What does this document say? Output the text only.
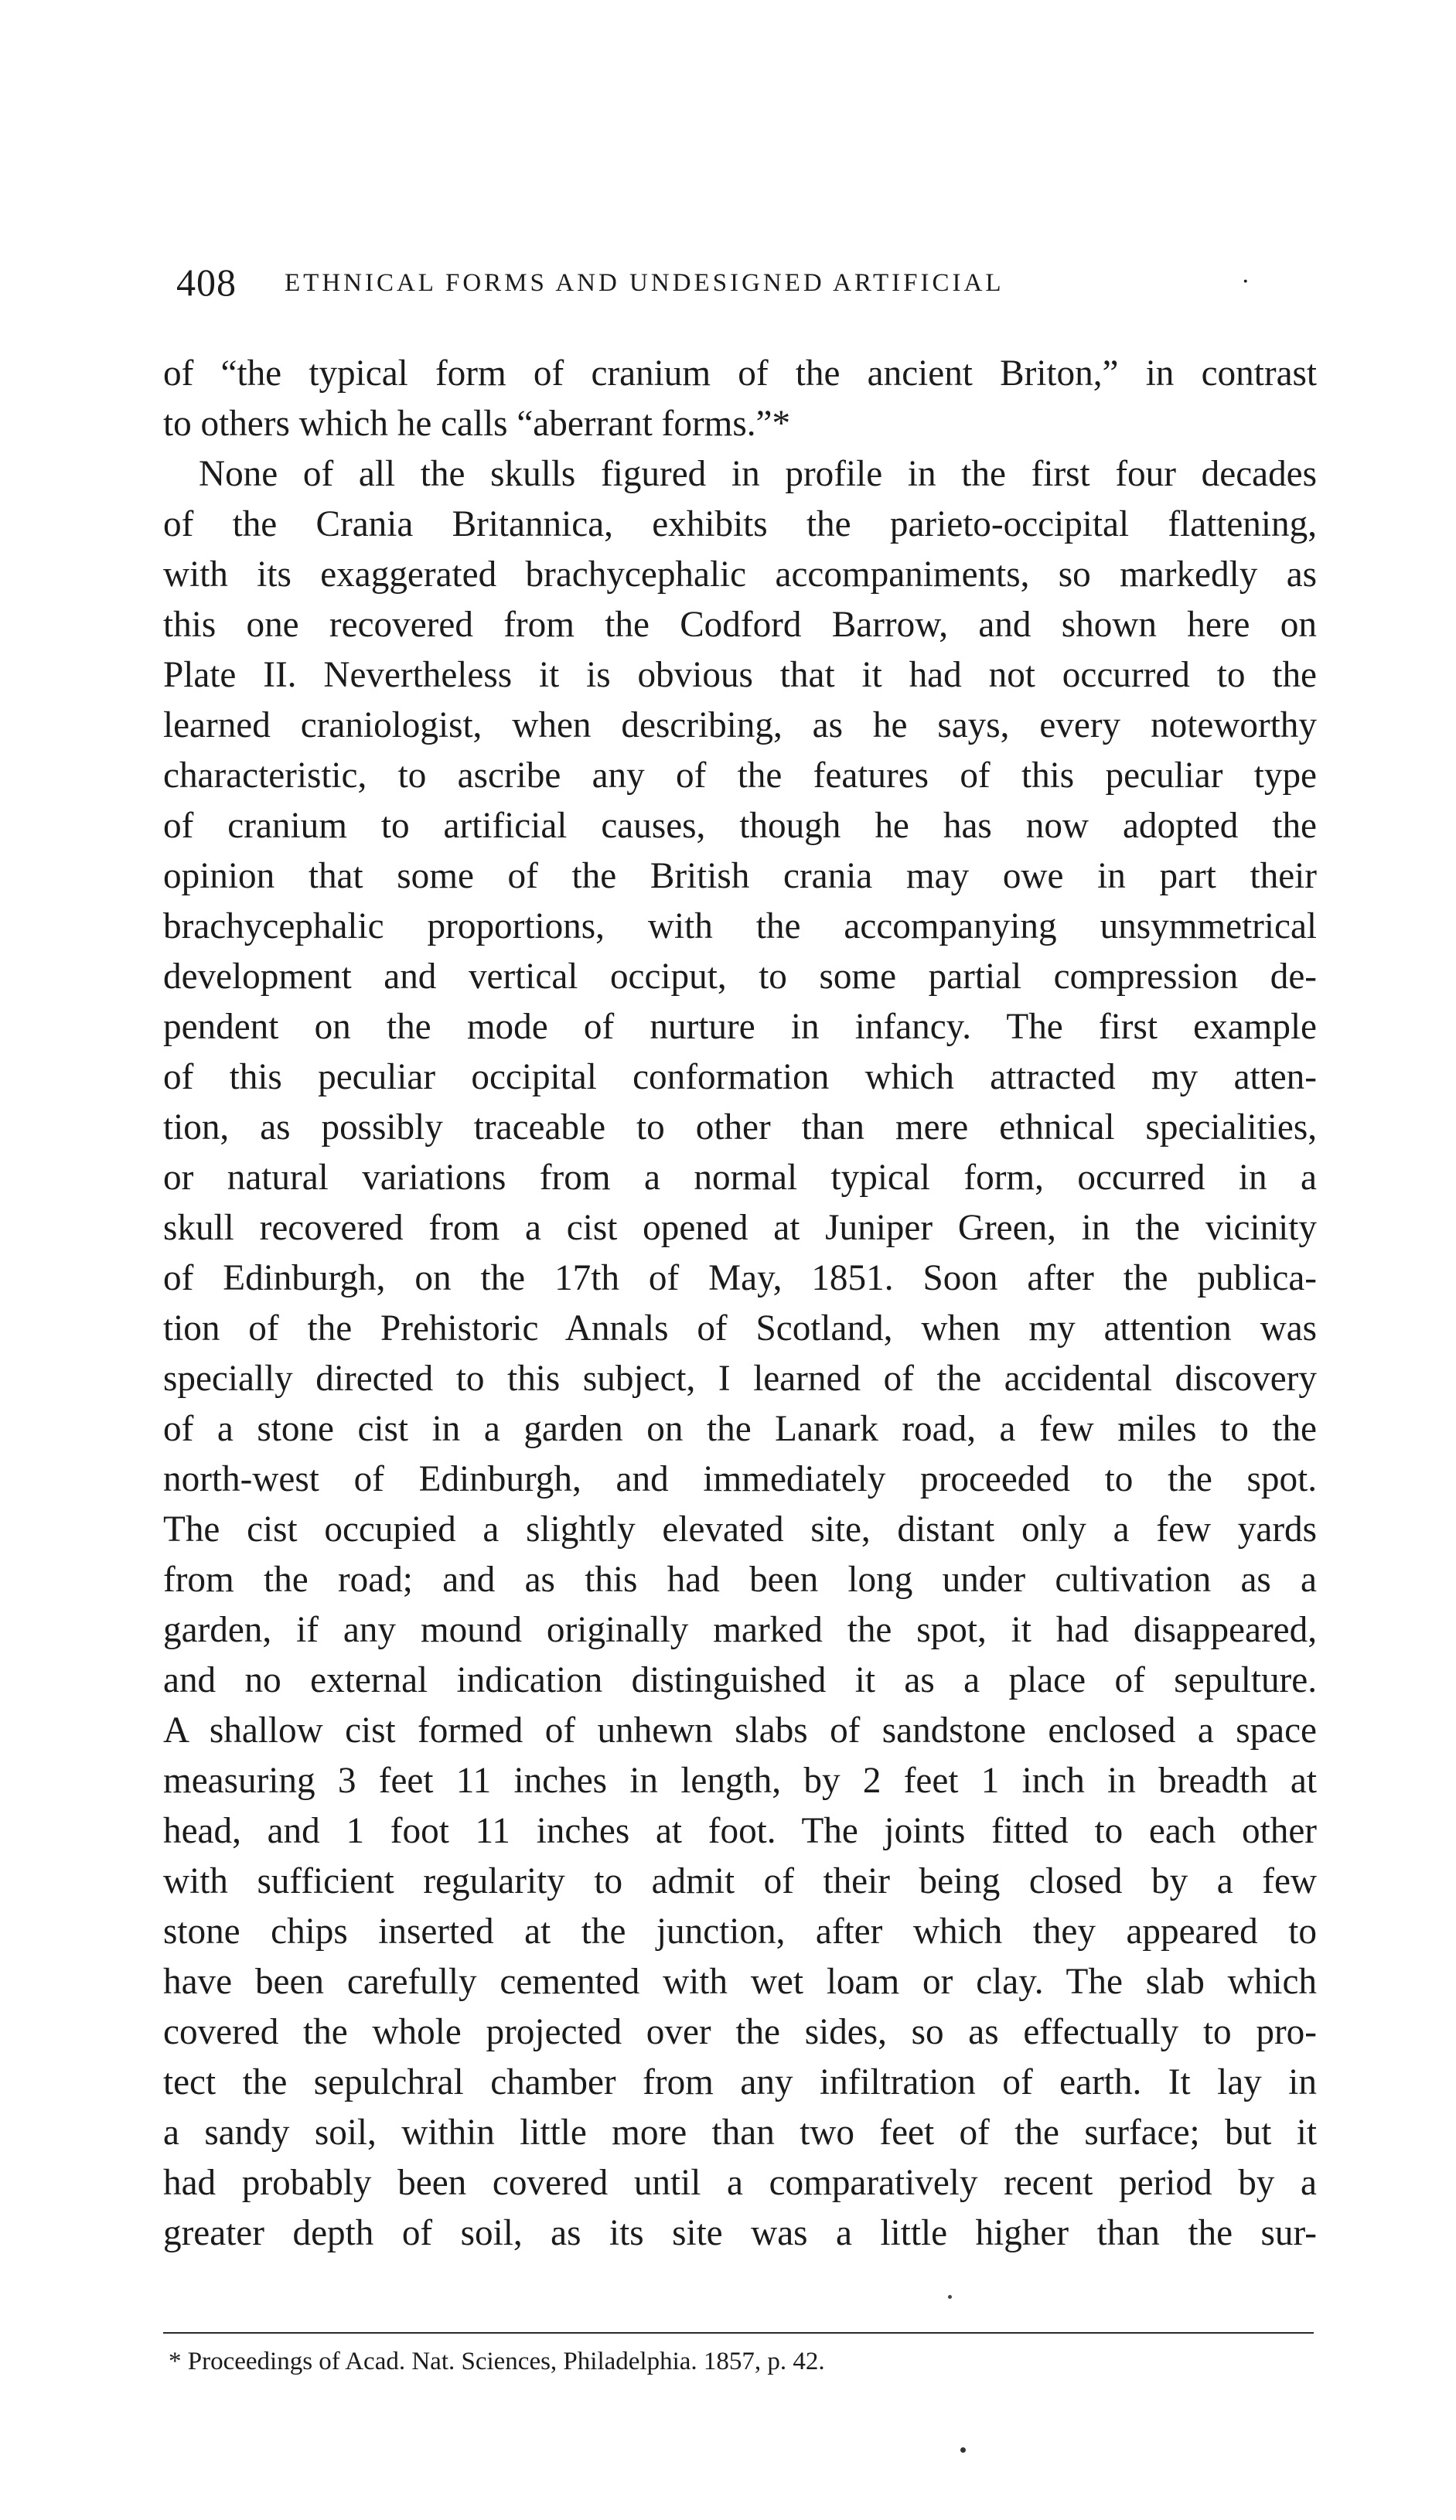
408 ETHNICAL FORMS AND UNDESIGNED ARTIFICIAL	·
of “the typical form of cranium of the ancient Briton,” in contrast
to others which he calls “aberrant forms.”*
None of all the skulls figured in profile in the first four decades
of the Crania Britannica, exhibits the parieto-occipital flattening,
with its exaggerated brachycephalic accompaniments, so markedly as
this one recovered from the Codford Barrow, and shown here on
Plate II. Nevertheless it is obvious that it had not occurred to the
learned craniologist, when describing, as he says, every noteworthy
characteristic, to ascribe any of the features of this peculiar type
of cranium to artificial causes, though he has now adopted the
opinion that some of the British crania may owe in part their
brachycephalic proportions, with the accompanying unsymmetrical
development and vertical occiput, to some partial compression de-
pendent on the mode of nurture in infancy. The first example
of this peculiar occipital conformation which attracted my atten-
tion, as possibly traceable to other than mere ethnical specialities,
or natural variations from a normal typical form, occurred in a
skull recovered from a cist opened at Juniper Green, in the vicinity
of Edinburgh, on the 17th of May, 1851. Soon after the publica-
tion of the Prehistoric Annals of Scotland, when my attention was
specially directed to this subject, I learned of the accidental discovery
of a stone cist in a garden on the Lanark road, a few miles to the
north-west of Edinburgh, and immediately proceeded to the spot.
The cist occupied a slightly elevated site, distant only a few yards
from the road; and as this had been long under cultivation as a
garden, if any mound originally marked the spot, it had disappeared,
and no external indication distinguished it as a place of sepulture.
A shallow cist formed of unhewn slabs of sandstone enclosed a space
measuring 3 feet 11 inches in length, by 2 feet 1 inch in breadth at
head, and 1 foot 11 inches at foot. The joints fitted to each other
with sufficient regularity to admit of their being closed by a few
stone chips inserted at the junction, after which they appeared to
have been carefully cemented with wet loam or clay. The slab which
covered the whole projected over the sides, so as effectually to pro-
tect the sepulchral chamber from any infiltration of earth. It lay in
a sandy soil, within little more than two feet of the surface; but it
had probably been covered until a comparatively recent period by a
greater depth of soil, as its site was a little higher than the sur-
* Proceedings of Acad. Nat. Sciences, Philadelphia. 1857, p. 42.
